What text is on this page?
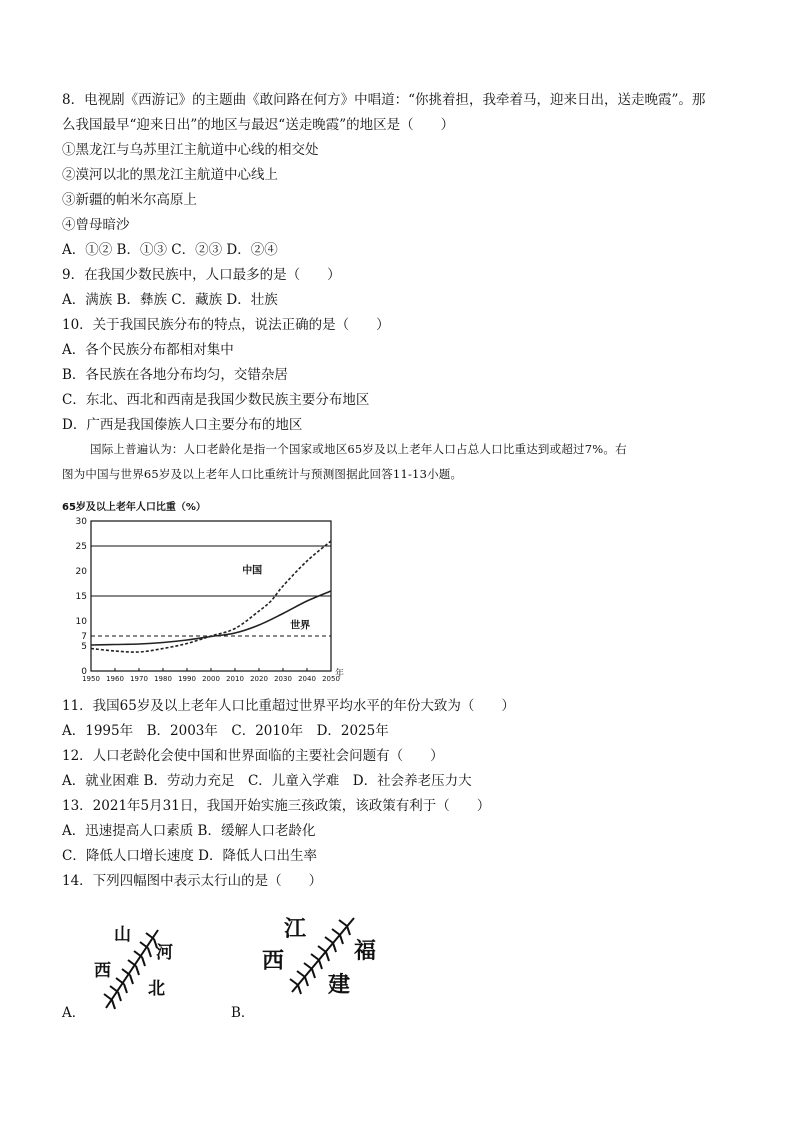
8．电视剧《西游记》的主题曲《敢问路在何方》中唱道：“你挑着担，我牵着马，迎来日出，送走晚霞”。那
么我国最早“迎来日出”的地区与最迟“送走晚霞”的地区是（　　）
①黑龙江与乌苏里江主航道中心线的相交处
②漠河以北的黑龙江主航道中心线上
③新疆的帕米尔高原上
④曾母暗沙
A．①② B．①③ C．②③ D．②④
9．在我国少数民族中，人口最多的是（　　）
A．满族 B．彝族 C．藏族 D．壮族
10．关于我国民族分布的特点，说法正确的是（　　）
A．各个民族分布都相对集中
B．各民族在各地分布均匀，交错杂居
C．东北、西北和西南是我国少数民族主要分布地区
D．广西是我国傣族人口主要分布的地区
国际上普遍认为：人口老龄化是指一个国家或地区65岁及以上老年人口占总人口比重达到或超过7%。右
图为中国与世界65岁及以上老年人口比重统计与预测图据此回答11-13小题。
65岁及以上老年人口比重（%）
0
5
7
10
15
20
25
30
1950 1960 1970 1980 1990 2000 2010 2020 2030 2040 2050
中国
世界
年
11．我国65岁及以上老年人口比重超过世界平均水平的年份大致为（　　）
A．1995年　B．2003年　C．2010年　D．2025年
12．人口老龄化会使中国和世界面临的主要社会问题有（　　）
A．就业困难 B．劳动力充足　C．儿童入学难　D．社会养老压力大
13．2021年5月31日，我国开始实施三孩政策，该政策有利于（　　）
A．迅速提高人口素质 B．缓解人口老龄化
C．降低人口增长速度 D．降低人口出生率
14．下列四幅图中表示太行山的是（　　）
山
河
西
北
A．
江
福
西
建
B．
